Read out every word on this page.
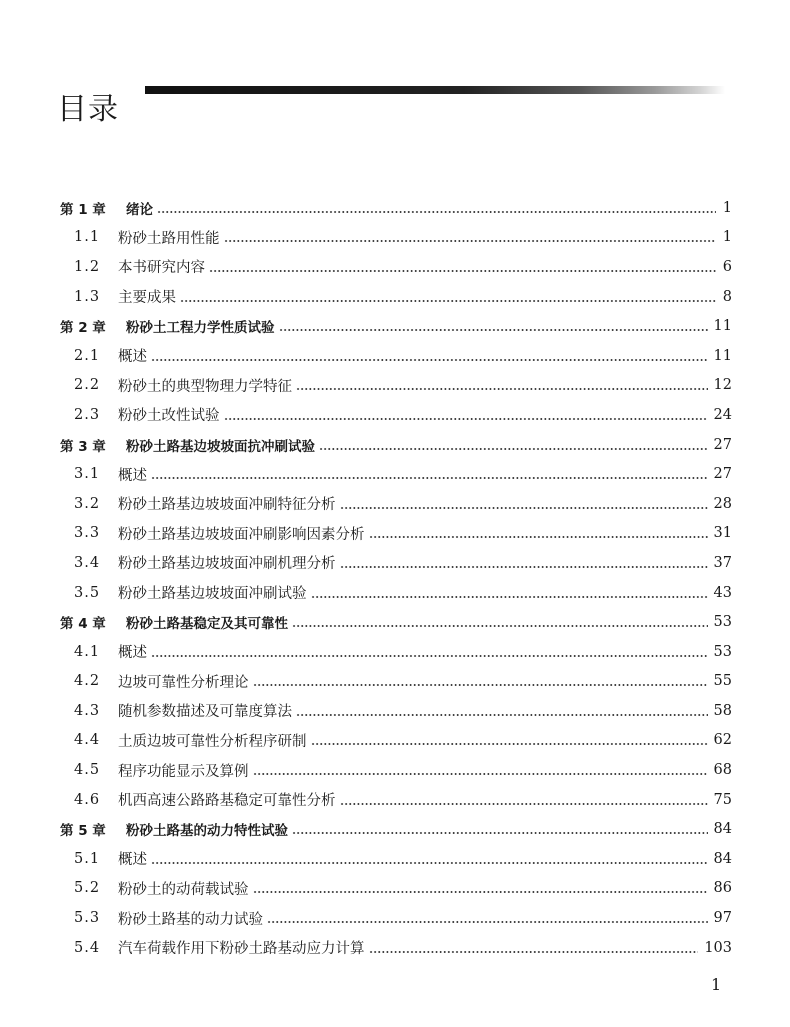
目录
第 1 章	绪论	1
1.1	粉砂土路用性能	1
1.2	本书研究内容	6
1.3	主要成果	8
第 2 章	粉砂土工程力学性质试验	11
2.1	概述	11
2.2	粉砂土的典型物理力学特征	12
2.3	粉砂土改性试验	24
第 3 章	粉砂土路基边坡坡面抗冲刷试验	27
3.1	概述	27
3.2	粉砂土路基边坡坡面冲刷特征分析	28
3.3	粉砂土路基边坡坡面冲刷影响因素分析	31
3.4	粉砂土路基边坡坡面冲刷机理分析	37
3.5	粉砂土路基边坡坡面冲刷试验	43
第 4 章	粉砂土路基稳定及其可靠性	53
4.1	概述	53
4.2	边坡可靠性分析理论	55
4.3	随机参数描述及可靠度算法	58
4.4	土质边坡可靠性分析程序研制	62
4.5	程序功能显示及算例	68
4.6	机西高速公路路基稳定可靠性分析	75
第 5 章	粉砂土路基的动力特性试验	84
5.1	概述	84
5.2	粉砂土的动荷载试验	86
5.3	粉砂土路基的动力试验	97
5.4	汽车荷载作用下粉砂土路基动应力计算	103
1
